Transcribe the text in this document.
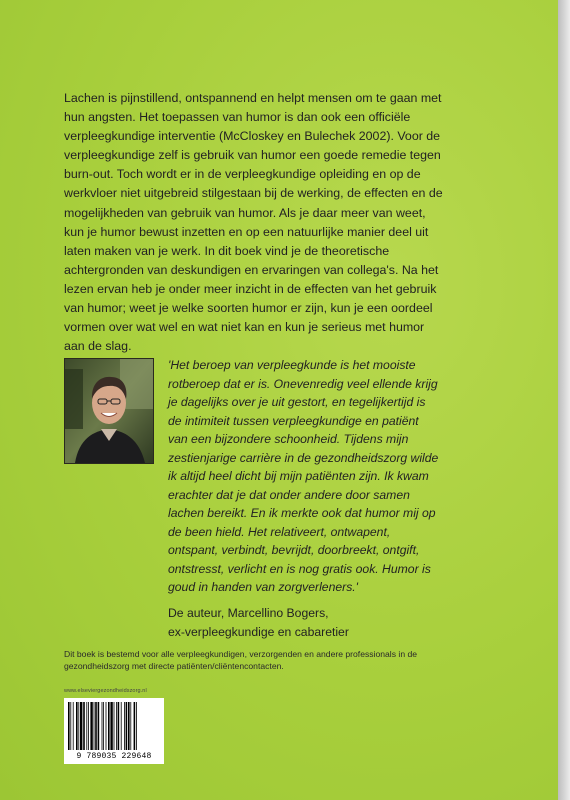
Lachen is pijnstillend, ontspannend en helpt mensen om te gaan met hun angsten. Het toepassen van humor is dan ook een officiële verpleegkundige interventie (McCloskey en Bulechek 2002). Voor de verpleegkundige zelf is gebruik van humor een goede remedie tegen burn-out. Toch wordt er in de verpleegkundige opleiding en op de werkvloer niet uitgebreid stilgestaan bij de werking, de effecten en de mogelijkheden van gebruik van humor. Als je daar meer van weet, kun je humor bewust inzetten en op een natuurlijke manier deel uit laten maken van je werk. In dit boek vind je de theoretische achtergronden van deskundigen en ervaringen van collega's. Na het lezen ervan heb je onder meer inzicht in de effecten van het gebruik van humor; weet je welke soorten humor er zijn, kun je een oordeel vormen over wat wel en wat niet kan en kun je serieus met humor aan de slag.

'Het beroep van verpleegkunde is het mooiste rotberoep dat er is. Onevenredig veel ellende krijg je dagelijks over je uit gestort, en tegelijkertijd is de intimiteit tussen verpleegkundige en patiënt van een bijzondere schoonheid. Tijdens mijn zestienjarige carrière in de gezondheidszorg wilde ik altijd heel dicht bij mijn patiënten zijn. Ik kwam erachter dat je dat onder andere door samen lachen bereikt. En ik merkte ook dat humor mij op de been hield. Het relativeert, ontwapent, ontspant, verbindt, bevrijdt, doorbreekt, ontgift, ontstresst, verlicht en is nog gratis ook. Humor is goud in handen van zorgverleners.'

De auteur, Marcellino Bogers,
ex-verpleegkundige en cabaretier

Dit boek is bestemd voor alle verpleegkundigen, verzorgenden en andere professionals in de gezondheidszorg met directe patiënten/cliëntencontacten.

www.elseviergezondheidszorg.nl
9 789035 229648
